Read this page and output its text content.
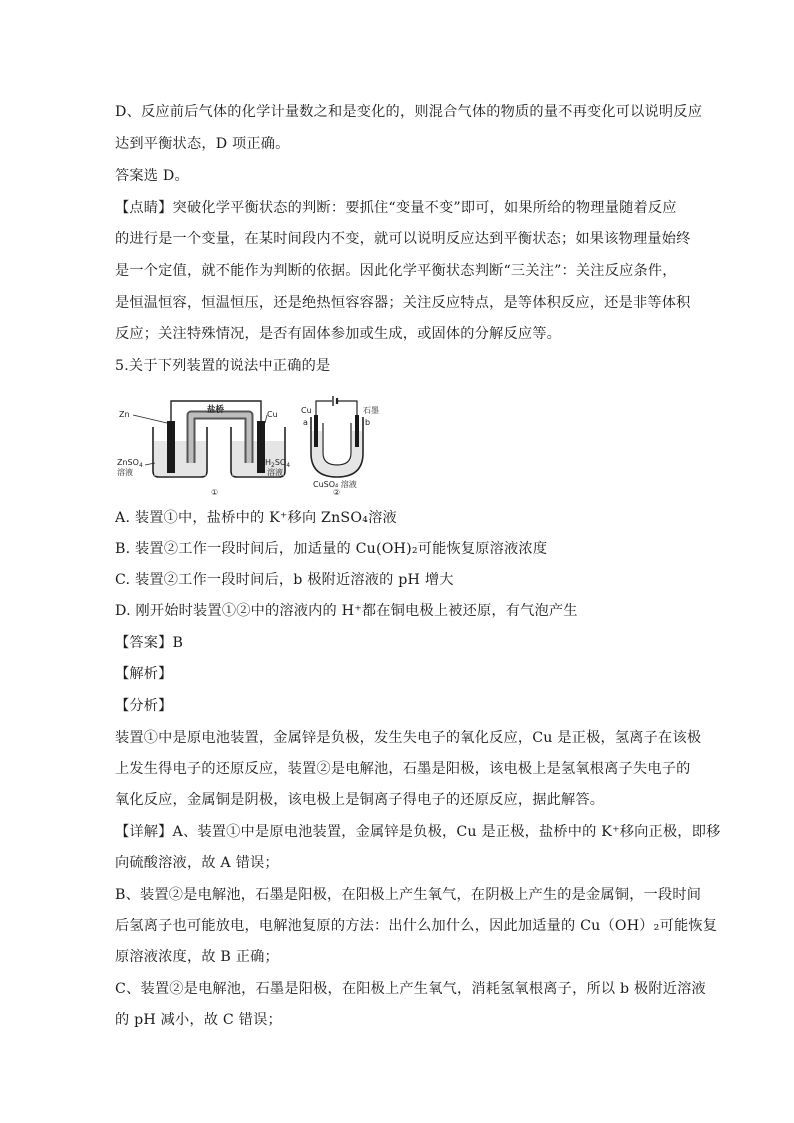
D、反应前后气体的化学计量数之和是变化的，则混合气体的物质的量不再变化可以说明反应
达到平衡状态，D 项正确。
答案选 D。
【点睛】突破化学平衡状态的判断：要抓住“变量不变”即可，如果所给的物理量随着反应
的进行是一个变量，在某时间段内不变，就可以说明反应达到平衡状态；如果该物理量始终
是一个定值，就不能作为判断的依据。因此化学平衡状态判断“三关注”：关注反应条件，
是恒温恒容，恒温恒压，还是绝热恒容容器；关注反应特点，是等体积反应，还是非等体积
反应；关注特殊情况，是否有固体参加或生成，或固体的分解反应等。
5.关于下列装置的说法中正确的是
盐桥
Zn	Cu
ZnSO$_4$
溶液
$H_2SO_4$
溶液
①
Cu
a
石墨
b
CuSO₄ 溶液
②
A. 装置①中，盐桥中的 K⁺移向 ZnSO₄溶液
B. 装置②工作一段时间后，加适量的 Cu(OH)₂可能恢复原溶液浓度
C. 装置②工作一段时间后，b 极附近溶液的 pH 增大
D. 刚开始时装置①②中的溶液内的 H⁺都在铜电极上被还原，有气泡产生
【答案】B
【解析】
【分析】
装置①中是原电池装置，金属锌是负极，发生失电子的氧化反应，Cu 是正极，氢离子在该极
上发生得电子的还原反应，装置②是电解池，石墨是阳极，该电极上是氢氧根离子失电子的
氧化反应，金属铜是阴极，该电极上是铜离子得电子的还原反应，据此解答。
【详解】A、装置①中是原电池装置，金属锌是负极，Cu 是正极，盐桥中的 K⁺移向正极，即移
向硫酸溶液，故 A 错误；
B、装置②是电解池，石墨是阳极，在阳极上产生氧气，在阴极上产生的是金属铜，一段时间
后氢离子也可能放电，电解池复原的方法：出什么加什么，因此加适量的 Cu（OH）₂可能恢复
原溶液浓度，故 B 正确；
C、装置②是电解池，石墨是阳极，在阳极上产生氧气，消耗氢氧根离子，所以 b 极附近溶液
的 pH 减小，故 C 错误；
